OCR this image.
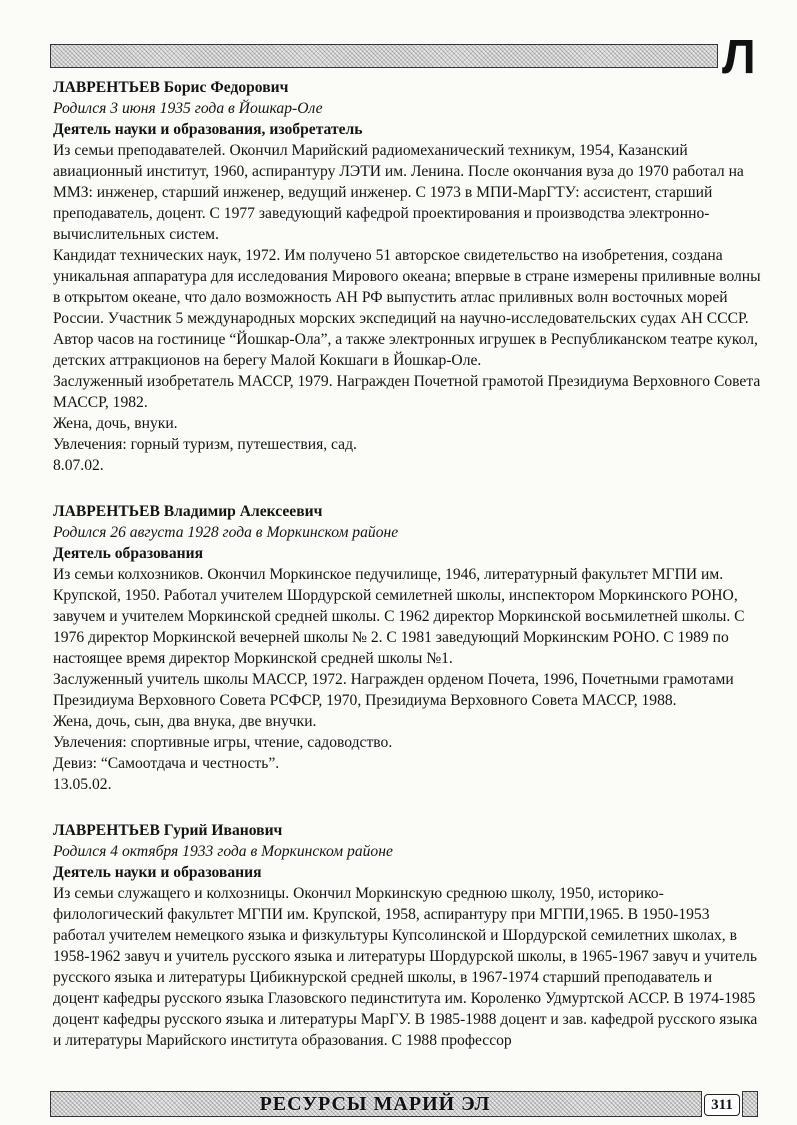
Л

ЛАВРЕНТЬЕВ Борис Федорович

Родился 3 июня 1935 года в Йошкар-Оле

Деятель науки и образования, изобретатель

Из семьи преподавателей. Окончил Марийский радиомеханический техникум, 1954, Казанский авиационный институт, 1960, аспирантуру ЛЭТИ им. Ленина. После окончания вуза до 1970 работал на ММЗ: инженер, старший инженер, ведущий инженер. С 1973 в МПИ-МарГТУ: ассистент, старший преподаватель, доцент. С 1977 заведующий кафедрой проектирования и производства электронно-вычислительных систем.

Кандидат технических наук, 1972. Им получено 51 авторское свидетельство на изобретения, создана уникальная аппаратура для исследования Мирового океана; впервые в стране измерены приливные волны в открытом океане, что дало возможность АН РФ выпустить атлас приливных волн восточных морей России. Участник 5 международных морских экспедиций на научно-исследовательских судах АН СССР. Автор часов на гостинице “Йошкар-Ола”, а также электронных игрушек в Республиканском театре кукол, детских аттракционов на берегу Малой Кокшаги в Йошкар-Оле.

Заслуженный изобретатель МАССР, 1979. Награжден Почетной грамотой Президиума Верховного Совета МАССР, 1982.

Жена, дочь, внуки.

Увлечения: горный туризм, путешествия, сад.

8.07.02.

ЛАВРЕНТЬЕВ Владимир Алексеевич

Родился 26 августа 1928 года в Моркинском районе

Деятель образования

Из семьи колхозников. Окончил Моркинское педучилище, 1946, литературный факультет МГПИ им. Крупской, 1950. Работал учителем Шордурской семилетней школы, инспектором Моркинского РОНО, завучем и учителем Моркинской средней школы. С 1962 директор Моркинской восьмилетней школы. С 1976 директор Моркинской вечерней школы № 2. С 1981 заведующий Моркинским РОНО. С 1989 по настоящее время директор Моркинской средней школы №1.

Заслуженный учитель школы МАССР, 1972. Награжден орденом Почета, 1996, Почетными грамотами Президиума Верховного Совета РСФСР, 1970, Президиума Верховного Совета МАССР, 1988.

Жена, дочь, сын, два внука, две внучки.

Увлечения: спортивные игры, чтение, садоводство.

Девиз: “Самоотдача и честность”.

13.05.02.

ЛАВРЕНТЬЕВ Гурий Иванович

Родился 4 октября 1933 года в Моркинском районе

Деятель науки и образования

Из семьи служащего и колхозницы. Окончил Моркинскую среднюю школу, 1950, историко-филологический факультет МГПИ им. Крупской, 1958, аспирантуру при МГПИ,1965. В 1950-1953 работал учителем немецкого языка и физкультуры Купсолинской и Шордурской семилетних школах, в 1958-1962 завуч и учитель русского языка и литературы Шордурской школы, в 1965-1967 завуч и учитель русского языка и литературы Цибикнурской средней школы, в 1967-1974 старший преподаватель и доцент кафедры русского языка Глазовского пединститута им. Короленко Удмуртской АССР. В 1974-1985 доцент кафедры русского языка и литературы МарГУ. В 1985-1988 доцент и зав. кафедрой русского языка и литературы Марийского института образования. С 1988 профессор

РЕСУРСЫ МАРИЙ ЭЛ	311
